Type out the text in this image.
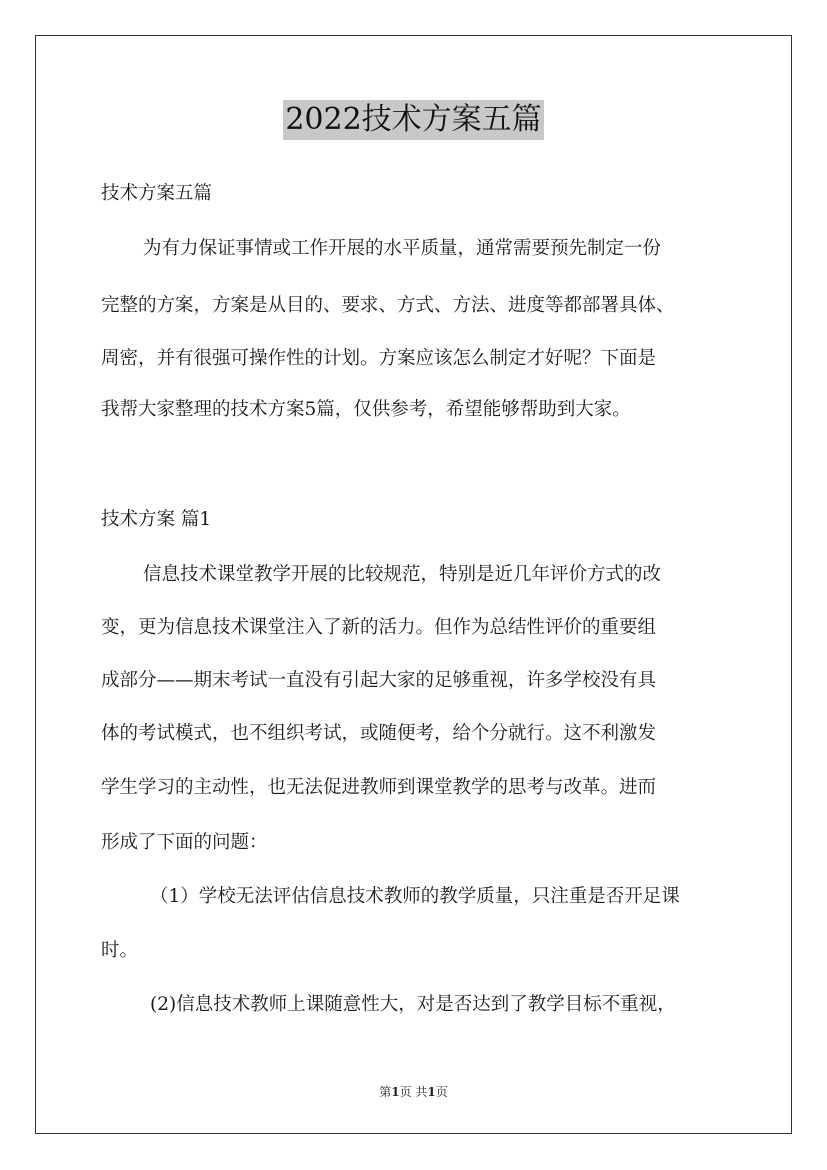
2022技术方案五篇
技术方案五篇
为有力保证事情或工作开展的水平质量，通常需要预先制定一份
完整的方案，方案是从目的、要求、方式、方法、进度等都部署具体、
周密，并有很强可操作性的计划。方案应该怎么制定才好呢？下面是
我帮大家整理的技术方案5篇，仅供参考，希望能够帮助到大家。
技术方案 篇1
信息技术课堂教学开展的比较规范，特别是近几年评价方式的改
变，更为信息技术课堂注入了新的活力。但作为总结性评价的重要组
成部分——期末考试一直没有引起大家的足够重视，许多学校没有具
体的考试模式，也不组织考试，或随便考，给个分就行。这不利激发
学生学习的主动性，也无法促进教师到课堂教学的思考与改革。进而
形成了下面的问题：
（1）学校无法评估信息技术教师的教学质量，只注重是否开足课
时。
(2)信息技术教师上课随意性大，对是否达到了教学目标不重视，
第1页 共1页
